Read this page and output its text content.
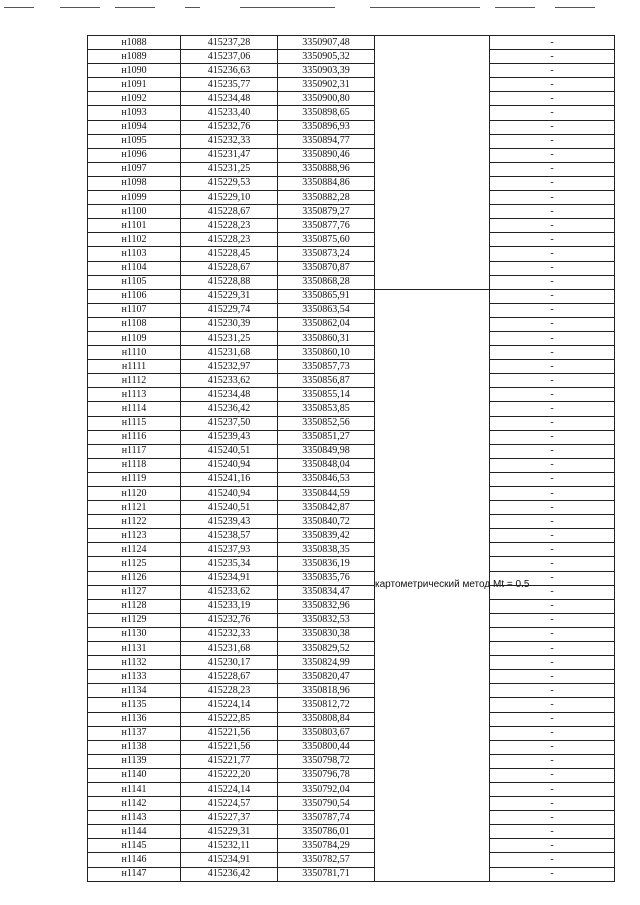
н1088	415237,28	3350907,48		-
н1089	415237,06	3350905,32		-
н1090	415236,63	3350903,39		-
н1091	415235,77	3350902,31		-
н1092	415234,48	3350900,80		-
н1093	415233,40	3350898,65		-
н1094	415232,76	3350896,93		-
н1095	415232,33	3350894,77		-
н1096	415231,47	3350890,46		-
н1097	415231,25	3350888,96		-
н1098	415229,53	3350884,86		-
н1099	415229,10	3350882,28		-
н1100	415228,67	3350879,27		-
н1101	415228,23	3350877,76		-
н1102	415228,23	3350875,60		-
н1103	415228,45	3350873,24		-
н1104	415228,67	3350870,87		-
н1105	415228,88	3350868,28		-
н1106	415229,31	3350865,91	картометрический метод Mt = 0.5	-
н1107	415229,74	3350863,54		-
н1108	415230,39	3350862,04		-
н1109	415231,25	3350860,31		-
н1110	415231,68	3350860,10		-
н1111	415232,97	3350857,73		-
н1112	415233,62	3350856,87		-
н1113	415234,48	3350855,14		-
н1114	415236,42	3350853,85		-
н1115	415237,50	3350852,56		-
н1116	415239,43	3350851,27		-
н1117	415240,51	3350849,98		-
н1118	415240,94	3350848,04		-
н1119	415241,16	3350846,53		-
н1120	415240,94	3350844,59		-
н1121	415240,51	3350842,87		-
н1122	415239,43	3350840,72		-
н1123	415238,57	3350839,42		-
н1124	415237,93	3350838,35		-
н1125	415235,34	3350836,19		-
н1126	415234,91	3350835,76		-
н1127	415233,62	3350834,47		-
н1128	415233,19	3350832,96		-
н1129	415232,76	3350832,53		-
н1130	415232,33	3350830,38		-
н1131	415231,68	3350829,52		-
н1132	415230,17	3350824,99		-
н1133	415228,67	3350820,47		-
н1134	415228,23	3350818,96		-
н1135	415224,14	3350812,72		-
н1136	415222,85	3350808,84		-
н1137	415221,56	3350803,67		-
н1138	415221,56	3350800,44		-
н1139	415221,77	3350798,72		-
н1140	415222,20	3350796,78		-
н1141	415224,14	3350792,04		-
н1142	415224,57	3350790,54		-
н1143	415227,37	3350787,74		-
н1144	415229,31	3350786,01		-
н1145	415232,11	3350784,29		-
н1146	415234,91	3350782,57		-
н1147	415236,42	3350781,71		-
